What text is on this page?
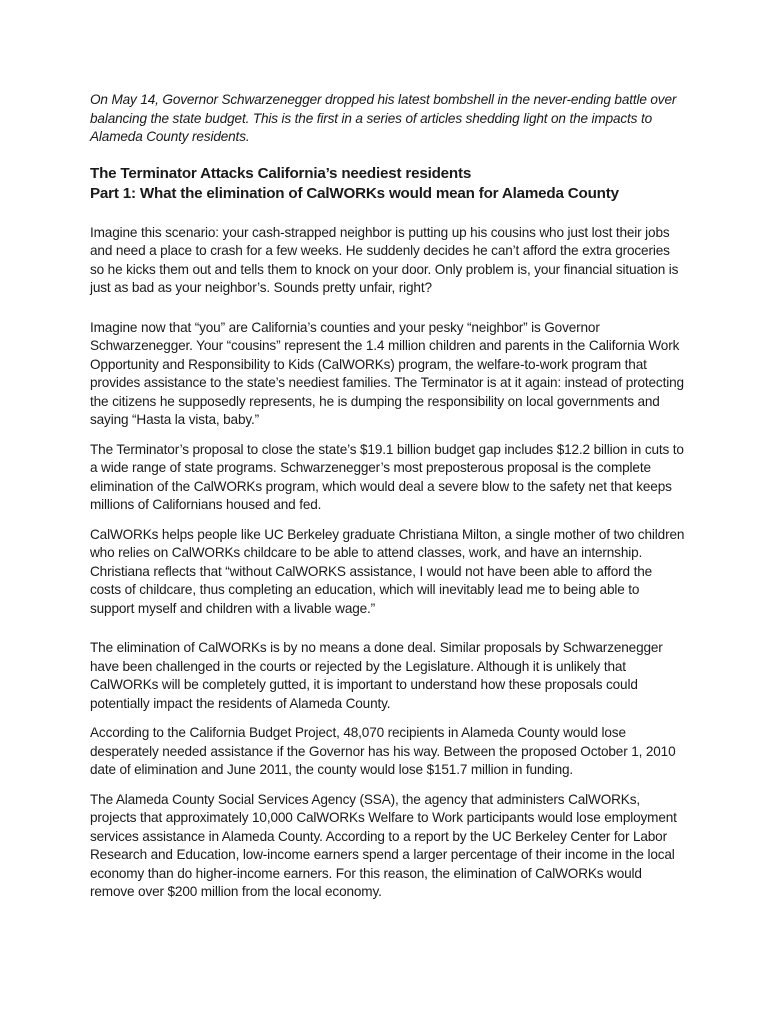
On May 14, Governor Schwarzenegger dropped his latest bombshell in the never-ending battle over balancing the state budget. This is the first in a series of articles shedding light on the impacts to Alameda County residents.

The Terminator Attacks California’s neediest residents
Part 1: What the elimination of CalWORKs would mean for Alameda County

Imagine this scenario: your cash-strapped neighbor is putting up his cousins who just lost their jobs and need a place to crash for a few weeks. He suddenly decides he can’t afford the extra groceries so he kicks them out and tells them to knock on your door. Only problem is, your financial situation is just as bad as your neighbor’s. Sounds pretty unfair, right?

Imagine now that “you” are California’s counties and your pesky “neighbor” is Governor Schwarzenegger. Your “cousins” represent the 1.4 million children and parents in the California Work Opportunity and Responsibility to Kids (CalWORKs) program, the welfare-to-work program that provides assistance to the state’s neediest families. The Terminator is at it again: instead of protecting the citizens he supposedly represents, he is dumping the responsibility on local governments and saying “Hasta la vista, baby.”

The Terminator’s proposal to close the state’s $19.1 billion budget gap includes $12.2 billion in cuts to a wide range of state programs. Schwarzenegger’s most preposterous proposal is the complete elimination of the CalWORKs program, which would deal a severe blow to the safety net that keeps millions of Californians housed and fed.

CalWORKs helps people like UC Berkeley graduate Christiana Milton, a single mother of two children who relies on CalWORKs childcare to be able to attend classes, work, and have an internship. Christiana reflects that “without CalWORKS assistance, I would not have been able to afford the costs of childcare, thus completing an education, which will inevitably lead me to being able to support myself and children with a livable wage.”

The elimination of CalWORKs is by no means a done deal. Similar proposals by Schwarzenegger have been challenged in the courts or rejected by the Legislature. Although it is unlikely that CalWORKs will be completely gutted, it is important to understand how these proposals could potentially impact the residents of Alameda County.

According to the California Budget Project, 48,070 recipients in Alameda County would lose desperately needed assistance if the Governor has his way. Between the proposed October 1, 2010 date of elimination and June 2011, the county would lose $151.7 million in funding.

The Alameda County Social Services Agency (SSA), the agency that administers CalWORKs, projects that approximately 10,000 CalWORKs Welfare to Work participants would lose employment services assistance in Alameda County. According to a report by the UC Berkeley Center for Labor Research and Education, low-income earners spend a larger percentage of their income in the local economy than do higher-income earners. For this reason, the elimination of CalWORKs would remove over $200 million from the local economy.
